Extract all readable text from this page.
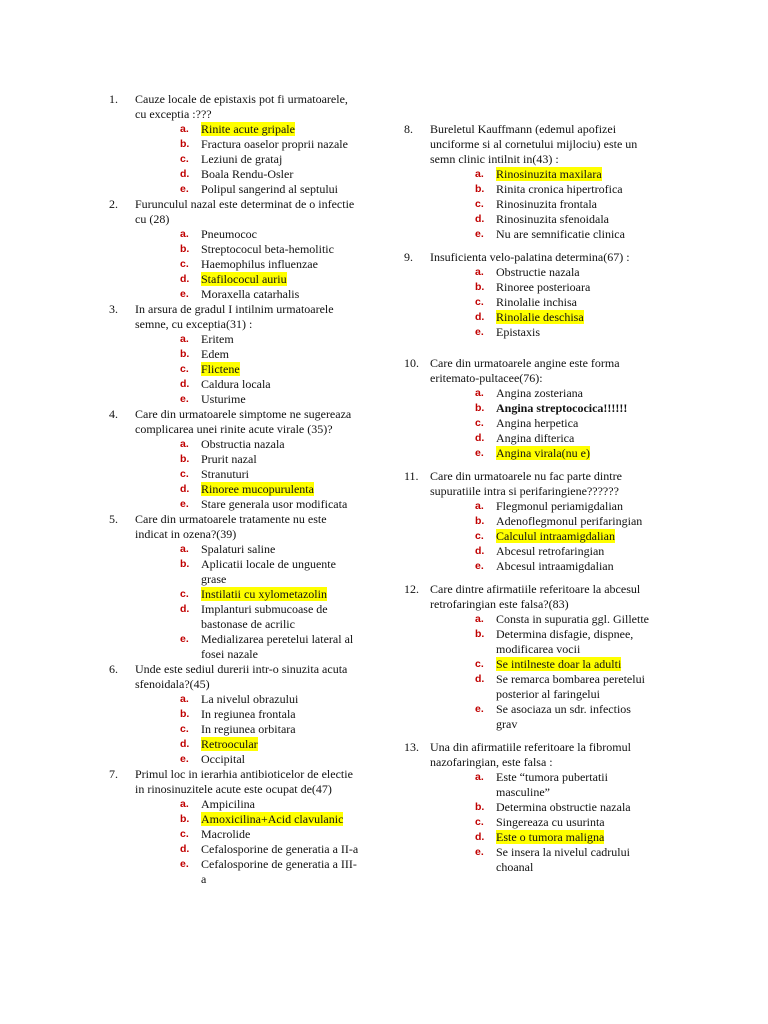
1. Cauze locale de epistaxis pot fi urmatoarele, cu exceptia :???
a. Rinite acute gripale
b. Fractura oaselor proprii nazale
c. Leziuni de grataj
d. Boala Rendu-Osler
e. Polipul sangerind al septului
2. Furunculul nazal este determinat de o infectie cu (28)
a. Pneumococ
b. Streptococul beta-hemolitic
c. Haemophilus influenzae
d. Stafilococul auriu
e. Moraxella catarhalis
3. In arsura de gradul I intilnim urmatoarele semne, cu exceptia(31) :
a. Eritem
b. Edem
c. Flictene
d. Caldura locala
e. Usturime
4. Care din urmatoarele simptome ne sugereaza complicarea unei rinite acute virale (35)?
a. Obstructia nazala
b. Prurit nazal
c. Stranuturi
d. Rinoree mucopurulenta
e. Stare generala usor modificata
5. Care din urmatoarele tratamente nu este indicat in ozena?(39)
a. Spalaturi saline
b. Aplicatii locale de unguente grase
c. Instilatii cu xylometazolin
d. Implanturi submucoase de bastonase de acrilic
e. Medializarea peretelui lateral al fosei nazale
6. Unde este sediul durerii intr-o sinuzita acuta sfenoidala?(45)
a. La nivelul obrazului
b. In regiunea frontala
c. In regiunea orbitara
d. Retroocular
e. Occipital
7. Primul loc in ierarhia antibioticelor de electie in rinosinuzitele acute este ocupat de(47)
a. Ampicilina
b. Amoxicilina+Acid clavulanic
c. Macrolide
d. Cefalosporine de generatia a II-a
e. Cefalosporine de generatia a III-a
8. Bureletul Kauffmann (edemul apofizei unciforme si al cornetului mijlociu) este un semn clinic intilnit in(43) :
a. Rinosinuzita maxilara
b. Rinita cronica hipertrofica
c. Rinosinuzita frontala
d. Rinosinuzita sfenoidala
e. Nu are semnificatie clinica
9. Insuficienta velo-palatina determina(67) :
a. Obstructie nazala
b. Rinoree posterioara
c. Rinolalie inchisa
d. Rinolalie deschisa
e. Epistaxis
10. Care din urmatoarele angine este forma eritemato-pultacee(76):
a. Angina zosteriana
b. Angina streptococica!!!!!!
c. Angina herpetica
d. Angina difterica
e. Angina virala(nu e)
11. Care din urmatoarele nu fac parte dintre supuratiile intra si perifaringiene??????
a. Flegmonul periamigdalian
b. Adenoflegmonul perifaringian
c. Calculul intraamigdalian
d. Abcesul retrofaringian
e. Abcesul intraamigdalian
12. Care dintre afirmatiile referitoare la abcesul retrofaringian este falsa?(83)
a. Consta in supuratia ggl. Gillette
b. Determina disfagie, dispnee, modificarea vocii
c. Se intilneste doar la adulti
d. Se remarca bombarea peretelui posterior al faringelui
e. Se asociaza un sdr. infectios grav
13. Una din afirmatiile referitoare la fibromul nazofaringian, este falsa :
a. Este “tumora pubertatii masculine”
b. Determina obstructie nazala
c. Singereaza cu usurinta
d. Este o tumora maligna
e. Se insera la nivelul cadrului choanal
